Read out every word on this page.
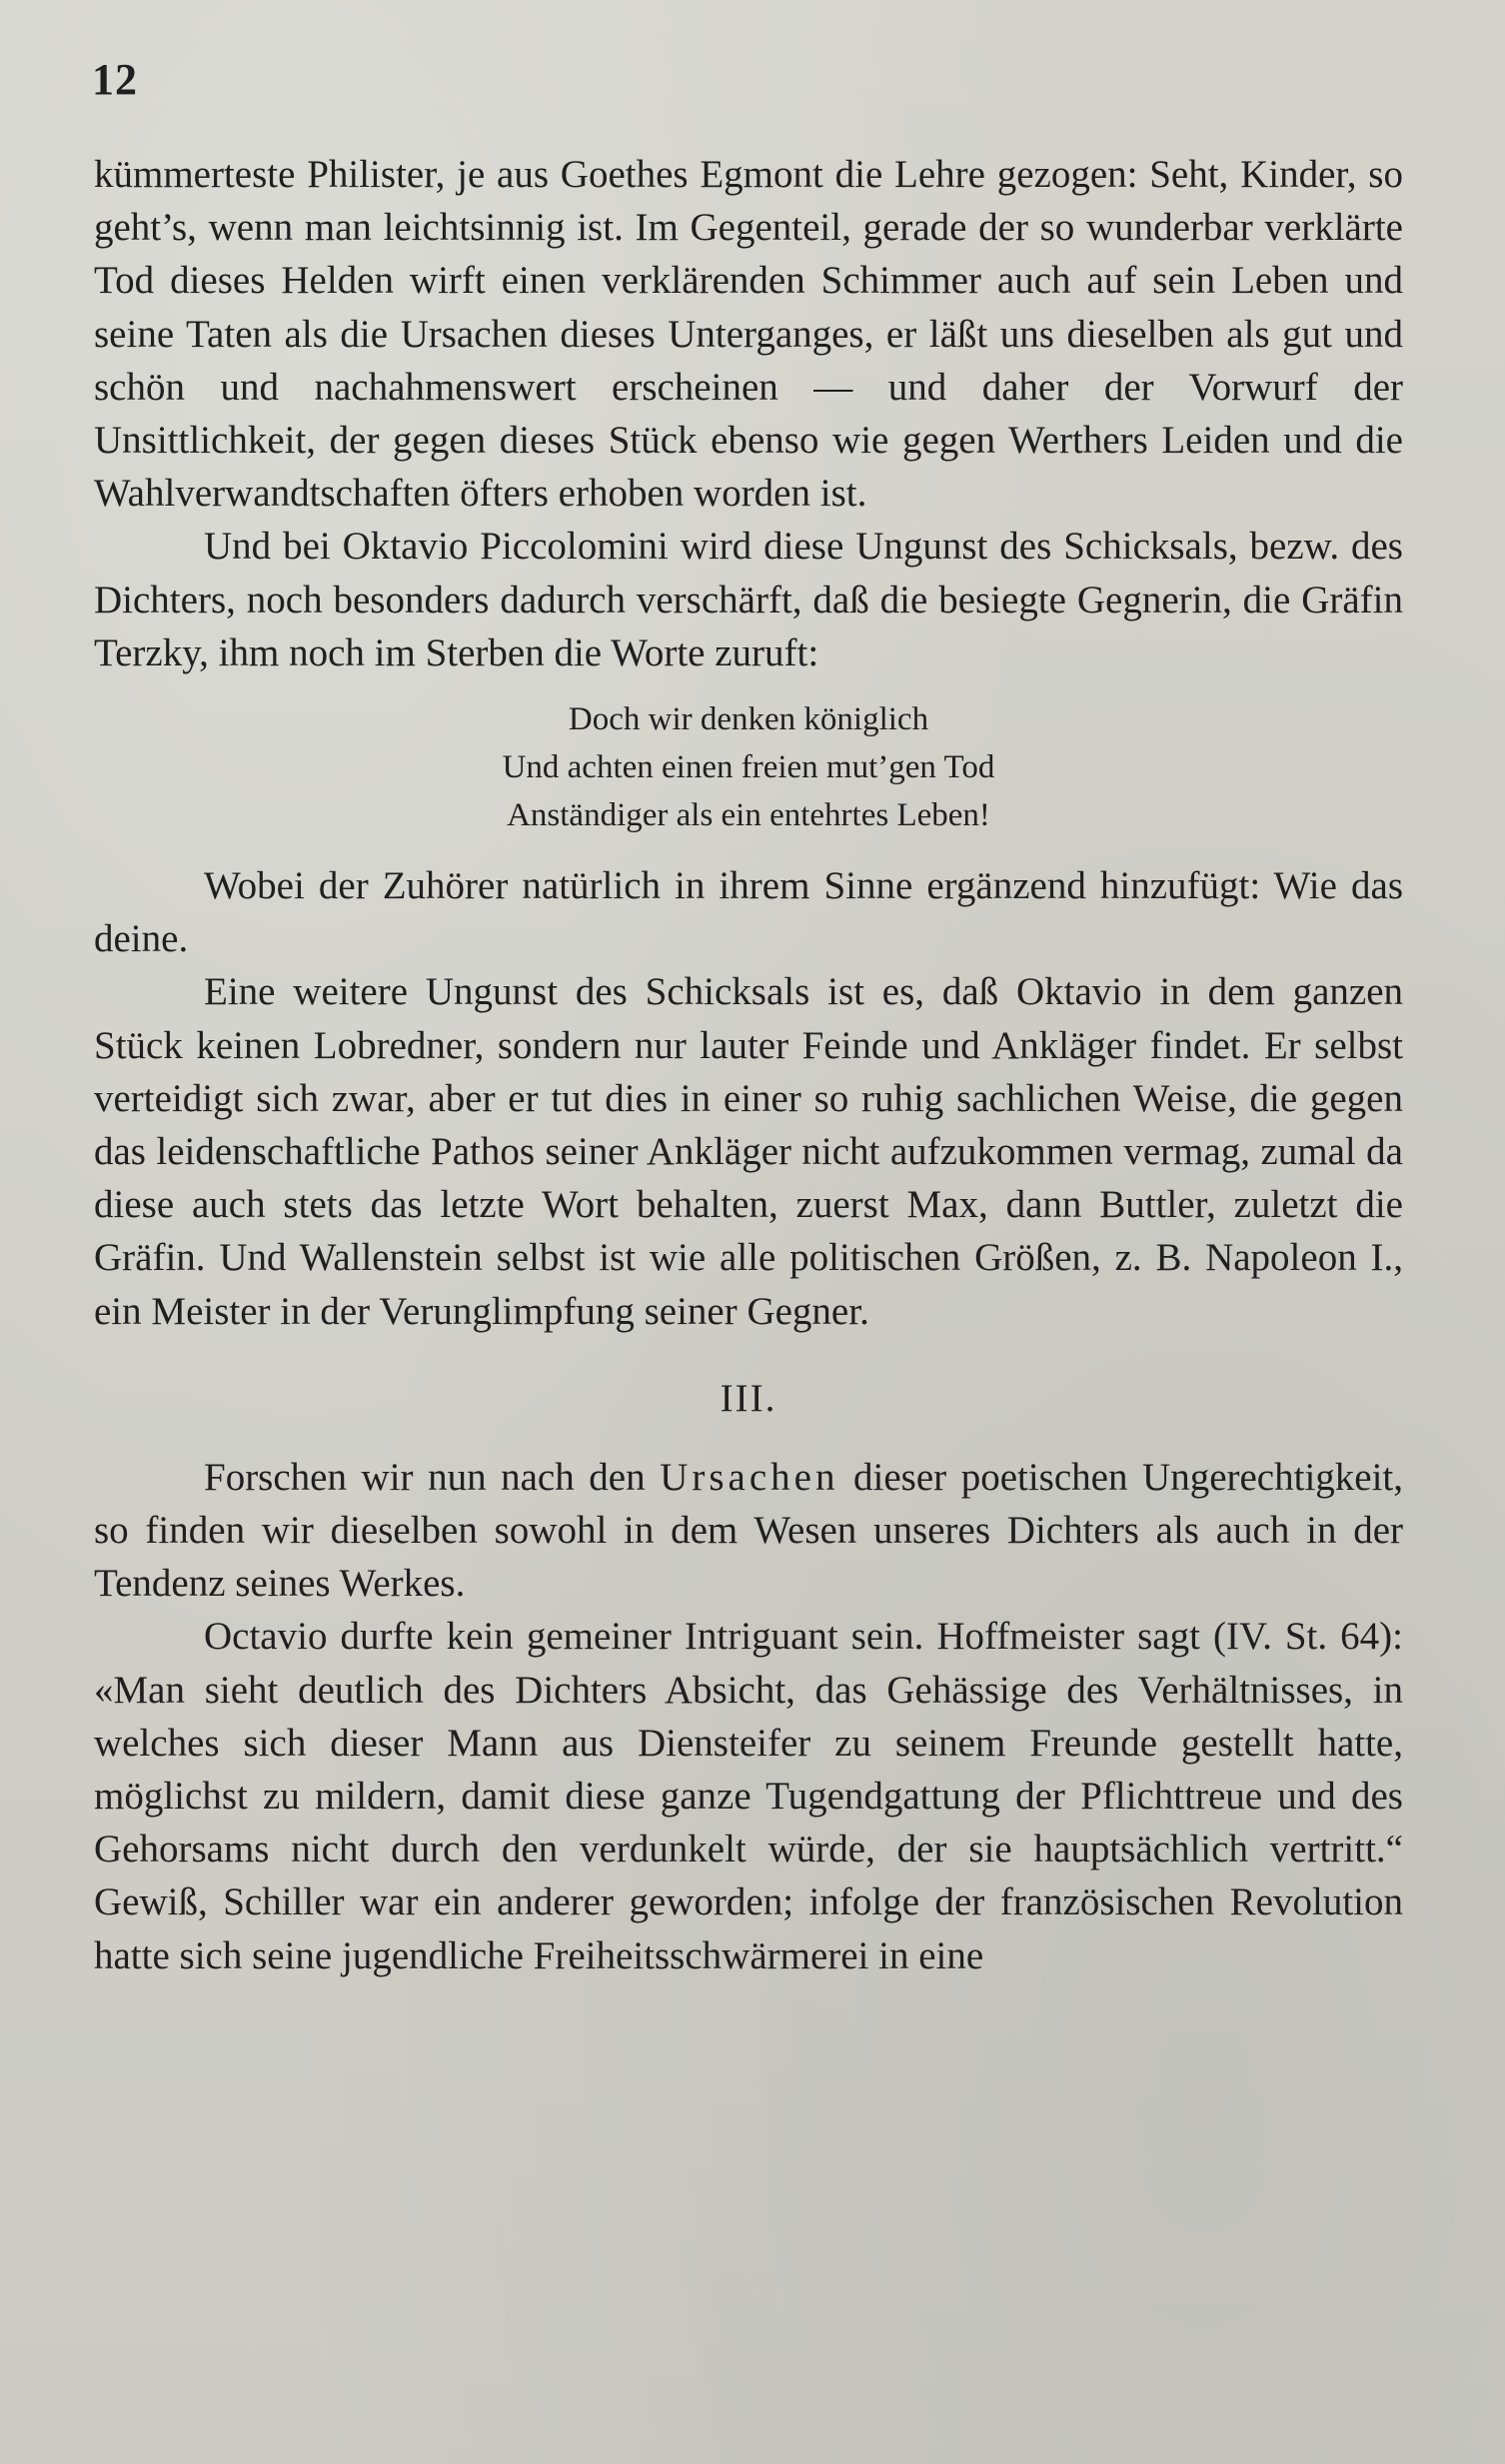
12

kümmerteste Philister, je aus Goethes Egmont die Lehre gezogen: Seht, Kinder, so geht’s, wenn man leichtsinnig ist. Im Gegenteil, gerade der so wunderbar verklärte Tod dieses Helden wirft einen verklärenden Schimmer auch auf sein Leben und seine Taten als die Ursachen dieses Unterganges, er läßt uns dieselben als gut und schön und nachahmenswert erscheinen — und daher der Vorwurf der Unsittlichkeit, der gegen dieses Stück ebenso wie gegen Werthers Leiden und die Wahlverwandtschaften öfters erhoben worden ist.

Und bei Oktavio Piccolomini wird diese Ungunst des Schicksals, bezw. des Dichters, noch besonders dadurch verschärft, daß die besiegte Gegnerin, die Gräfin Terzky, ihm noch im Sterben die Worte zuruft:

Doch wir denken königlich
Und achten einen freien mut’gen Tod
Anständiger als ein entehrtes Leben!

Wobei der Zuhörer natürlich in ihrem Sinne ergänzend hinzufügt: Wie das deine.

Eine weitere Ungunst des Schicksals ist es, daß Oktavio in dem ganzen Stück keinen Lobredner, sondern nur lauter Feinde und Ankläger findet. Er selbst verteidigt sich zwar, aber er tut dies in einer so ruhig sachlichen Weise, die gegen das leidenschaftliche Pathos seiner Ankläger nicht aufzukommen vermag, zumal da diese auch stets das letzte Wort behalten, zuerst Max, dann Buttler, zuletzt die Gräfin. Und Wallenstein selbst ist wie alle politischen Größen, z. B. Napoleon I., ein Meister in der Verunglimpfung seiner Gegner.

III.

Forschen wir nun nach den Ursachen dieser poetischen Ungerechtigkeit, so finden wir dieselben sowohl in dem Wesen unseres Dichters als auch in der Tendenz seines Werkes.

Octavio durfte kein gemeiner Intriguant sein. Hoffmeister sagt (IV. St. 64): «Man sieht deutlich des Dichters Absicht, das Gehässige des Verhältnisses, in welches sich dieser Mann aus Diensteifer zu seinem Freunde gestellt hatte, möglichst zu mildern, damit diese ganze Tugendgattung der Pflichttreue und des Gehorsams nicht durch den verdunkelt würde, der sie hauptsächlich vertritt.“ Gewiß, Schiller war ein anderer geworden; infolge der französischen Revolution hatte sich seine jugendliche Freiheitsschwärmerei in eine
